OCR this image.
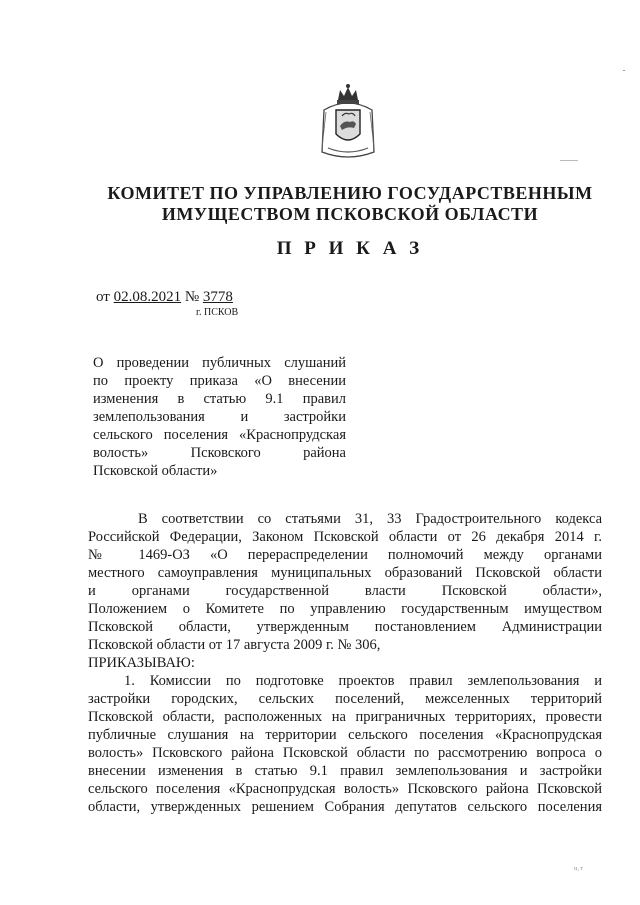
КОМИТЕТ ПО УПРАВЛЕНИЮ ГОСУДАРСТВЕННЫМ
ИМУЩЕСТВОМ ПСКОВСКОЙ ОБЛАСТИ
П Р И К А З
от 02.08.2021 № 3778
г. ПСКОВ
О проведении публичных слушаний
по проекту приказа «О внесении
изменения в статью 9.1 правил
землепользования и застройки
сельского поселения «Краснопрудская
волость» Псковского района
Псковской области»
В соответствии со статьями 31, 33 Градостроительного кодекса
Российской Федерации, Законом Псковской области от 26 декабря 2014 г.
№ 1469-ОЗ «О перераспределении полномочий между органами
местного самоуправления муниципальных образований Псковской области
и органами государственной власти Псковской области»,
Положением о Комитете по управлению государственным имуществом
Псковской области, утвержденным постановлением Администрации
Псковской области от 17 августа 2009 г. № 306,
ПРИКАЗЫВАЮ:
1. Комиссии по подготовке проектов правил землепользования и
застройки городских, сельских поселений, межселенных территорий
Псковской области, расположенных на приграничных территориях, провести
публичные слушания на территории сельского поселения «Краснопрудская
волость» Псковского района Псковской области по рассмотрению вопроса о
внесении изменения в статью 9.1 правил землепользования и застройки
сельского поселения «Краснопрудская волость» Псковского района Псковской
области, утвержденных решением Собрания депутатов сельского поселения
ıı, т
